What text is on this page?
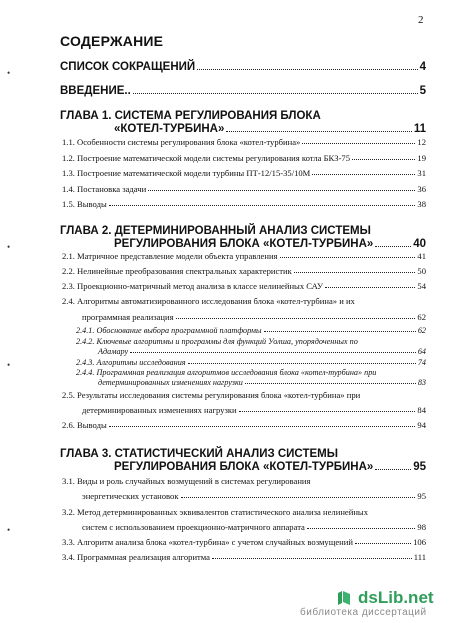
2
•
•
•
•
СОДЕРЖАНИЕ
СПИСОК СОКРАЩЕНИЙ	4
ВВЕДЕНИЕ..	5
ГЛАВА 1. СИСТЕМА РЕГУЛИРОВАНИЯ БЛОКА
«КОТЕЛ-ТУРБИНА»	11
1.1. Особенности системы регулирования блока «котел-турбина»	12
1.2. Построение математической модели системы регулирования котла БКЗ-75	19
1.3. Построение математической модели турбины ПТ-12/15-35/10М	31
1.4. Постановка задачи	36
1.5. Выводы	38
ГЛАВА 2. ДЕТЕРМИНИРОВАННЫЙ АНАЛИЗ СИСТЕМЫ
РЕГУЛИРОВАНИЯ БЛОКА «КОТЕЛ-ТУРБИНА»	40
2.1. Матричное представление модели объекта управления	41
2.2. Нелинейные преобразования спектральных характеристик	50
2.3. Проекционно-матричный метод анализа в классе нелинейных САУ	54
2.4. Алгоритмы автоматизированного исследования блока «котел-турбина» и их
программная реализация	62
2.4.1. Обоснование выбора программной платформы	62
2.4.2. Ключевые алгоритмы и программы для функций Уолша, упорядоченных по
Адамару	64
2.4.3. Алгоритмы исследования	74
2.4.4. Программная реализация алгоритмов исследования блока «котел-турбина» при
детерминированных изменениях нагрузки	83
2.5. Результаты исследования системы регулирования блока «котел-турбина» при
детерминированных изменениях нагрузки	84
2.6. Выводы	94
ГЛАВА 3. СТАТИСТИЧЕСКИЙ АНАЛИЗ СИСТЕМЫ
РЕГУЛИРОВАНИЯ БЛОКА «КОТЕЛ-ТУРБИНА»	95
3.1. Виды и роль случайных возмущений в системах регулирования
энергетических установок	95
3.2. Метод детерминированных эквивалентов статистического анализа нелинейных
систем с использованием проекционно-матричного аппарата	98
3.3. Алгоритм анализа блока «котел-турбина» с учетом случайных возмущений	106
3.4. Программная реализация алгоритма	111
dsLib.net
библиотека диссертаций
